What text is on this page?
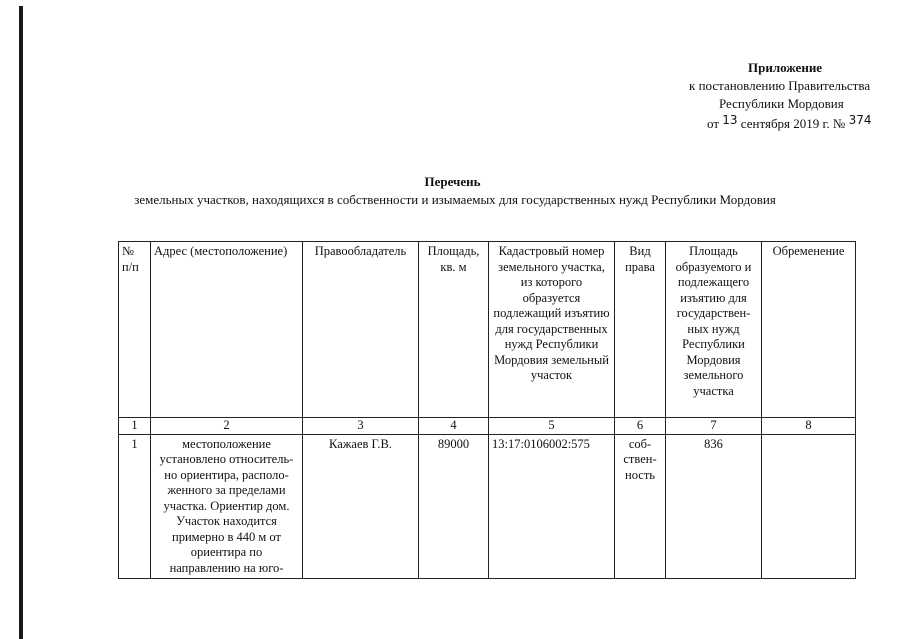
Приложение
к постановлению Правительства
Республики Мордовия
от 13 сентября 2019 г. № 374
Перечень
земельных участков, находящихся в собственности и изымаемых для государственных нужд Республики Мордовия
№ п/п	Адрес (местоположение)	Правообладатель	Площадь, кв. м	Кадастровый номер земельного участка, из которого образуется подлежащий изъятию для государственных нужд Республики Мордовия земельный участок	Вид права	Площадь образуемого и подлежащего изъятию для государствен-ных нужд Республики Мордовия земельного участка	Обременение
1	2	3	4	5	6	7	8
1	местоположение установлено относитель-но ориентира, располо-женного за пределами участка. Ориентир дом. Участок находится примерно в 440 м от ориентира по направлению на юго-	Кажаев Г.В.	89000	13:17:0106002:575	соб-ствен-ность	836	
